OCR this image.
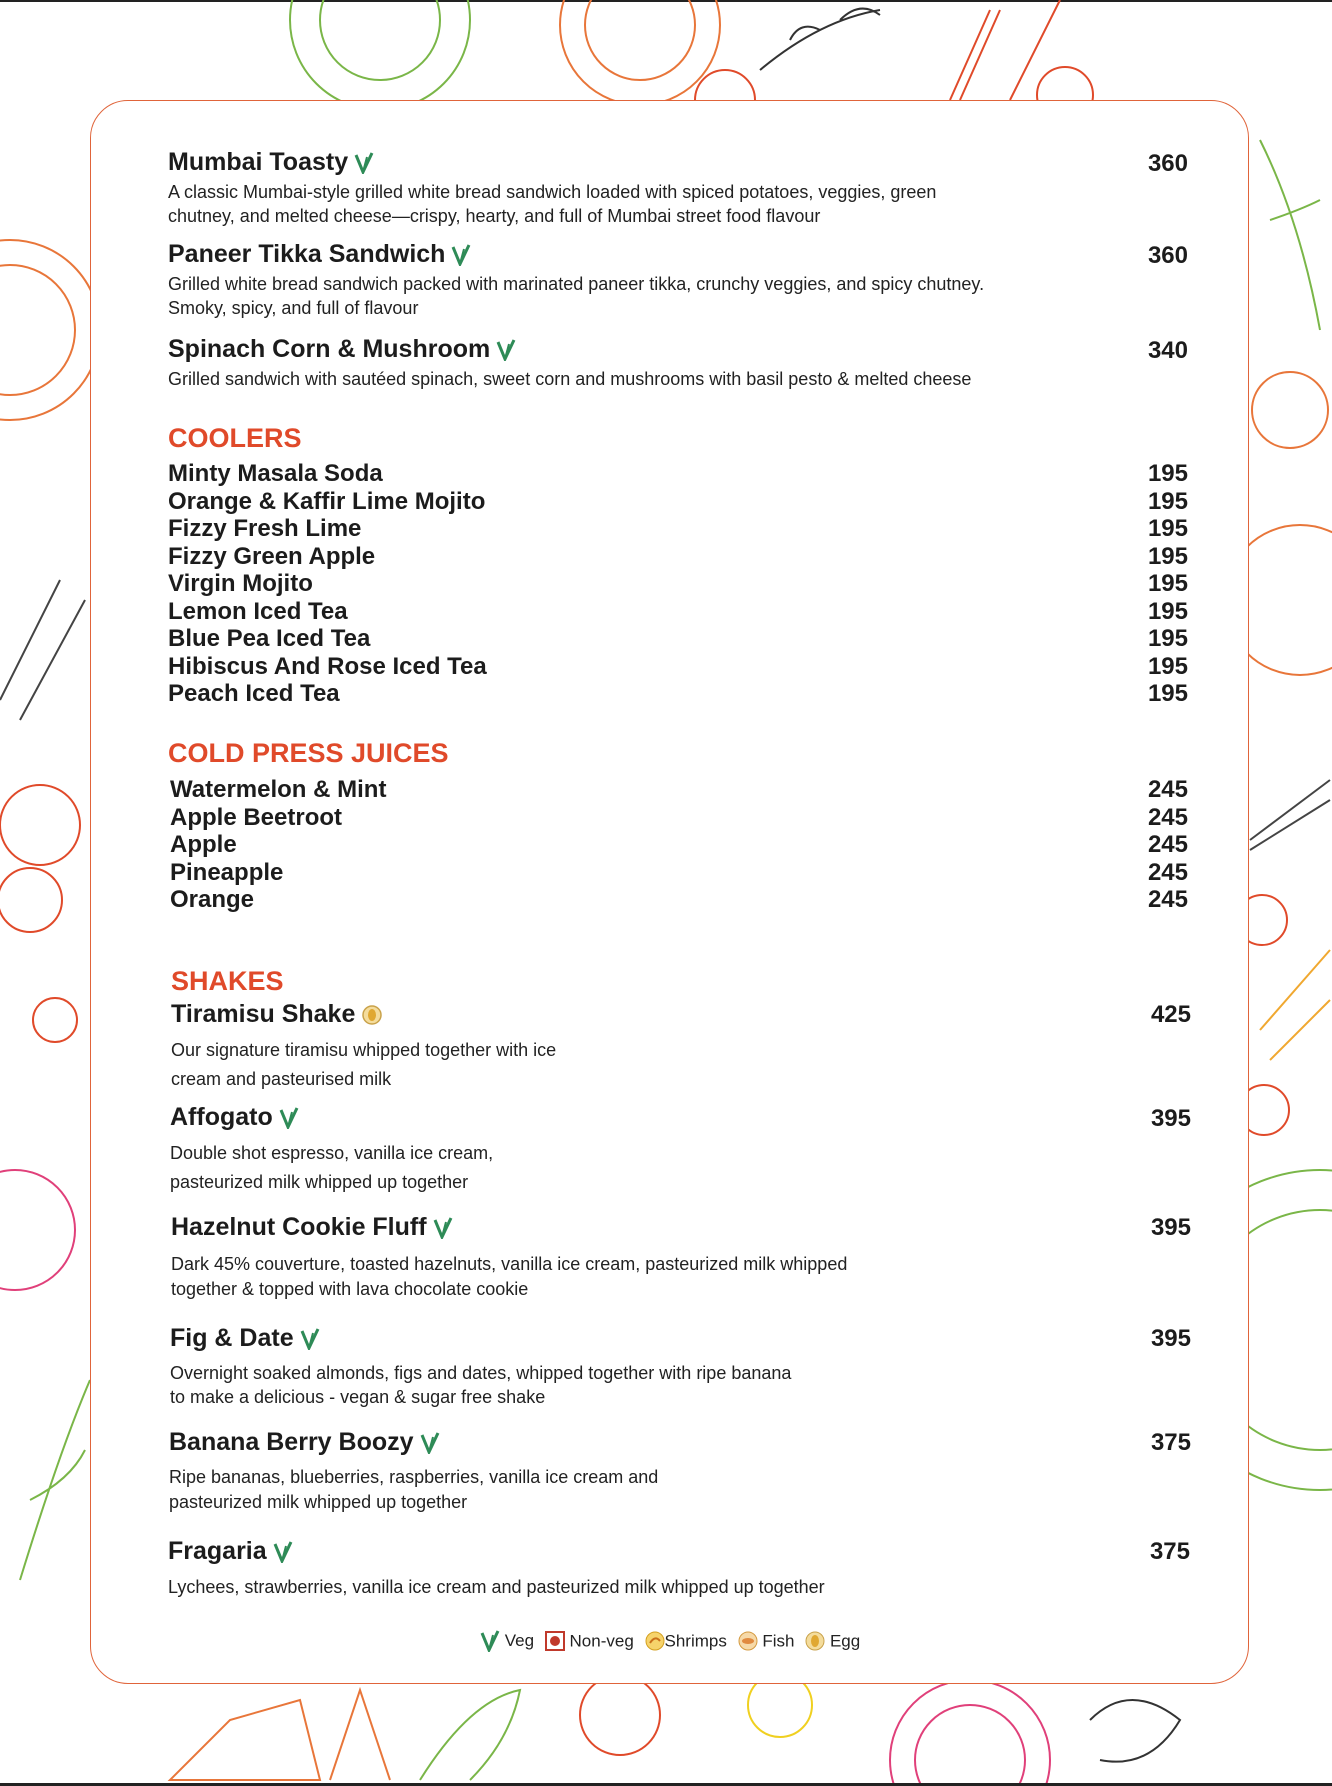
Mumbai Toasty	360
A classic Mumbai-style grilled white bread sandwich loaded with spiced potatoes, veggies, green
chutney, and melted cheese—crispy, hearty, and full of Mumbai street food flavour
Paneer Tikka Sandwich	360
Grilled white bread sandwich packed with marinated paneer tikka, crunchy veggies, and spicy chutney.
Smoky, spicy, and full of flavour
Spinach Corn & Mushroom	340
Grilled sandwich with sautéed spinach, sweet corn and mushrooms with basil pesto & melted cheese
COOLERS
Minty Masala Soda	195
Orange & Kaffir Lime Mojito	195
Fizzy Fresh Lime	195
Fizzy Green Apple	195
Virgin Mojito	195
Lemon Iced Tea	195
Blue Pea Iced Tea	195
Hibiscus And Rose Iced Tea	195
Peach Iced Tea	195
COLD PRESS JUICES
Watermelon & Mint	245
Apple Beetroot	245
Apple	245
Pineapple	245
Orange	245
SHAKES
Tiramisu Shake	425
Our signature tiramisu whipped together with ice
cream and pasteurised milk
Affogato	395
Double shot espresso, vanilla ice cream,
pasteurized milk whipped up together
Hazelnut Cookie Fluff	395
Dark 45% couverture, toasted hazelnuts, vanilla ice cream, pasteurized milk whipped
together & topped with lava chocolate cookie
Fig & Date	395
Overnight soaked almonds, figs and dates, whipped together with ripe banana
to make a delicious - vegan & sugar free shake
Banana Berry Boozy	375
Ripe bananas, blueberries, raspberries, vanilla ice cream and
pasteurized milk whipped up together
Fragaria	375
Lychees, strawberries, vanilla ice cream and pasteurized milk whipped up together
Veg Non-veg Shrimps Fish Egg
